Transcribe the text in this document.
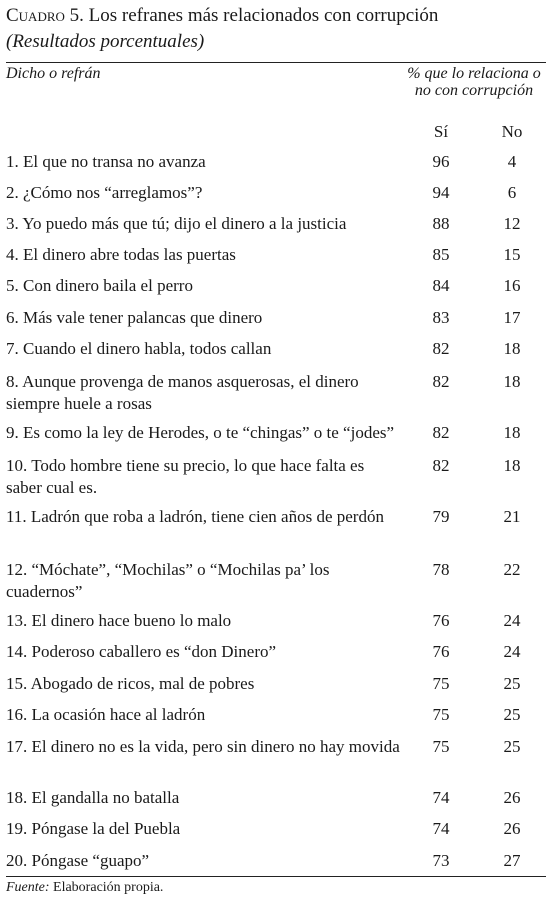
Cuadro 5. Los refranes más relacionados con corrupción
(Resultados porcentuales)
Dicho o refrán	% que lo relaciona o
no con corrupción
Sí	No
1. El que no transa no avanza	96	4
2. ¿Cómo nos “arreglamos”?	94	6
3. Yo puedo más que tú; dijo el dinero a la justicia	88	12
4. El dinero abre todas las puertas	85	15
5. Con dinero baila el perro	84	16
6. Más vale tener palancas que dinero	83	17
7. Cuando el dinero habla, todos callan	82	18
8. Aunque provenga de manos asquerosas, el dinero siempre huele a rosas
82	18
9. Es como la ley de Herodes, o te “chingas” o te “jodes”	82	18
10. Todo hombre tiene su precio, lo que hace falta es saber cual es.
82	18
11. Ladrón que roba a ladrón, tiene cien años de perdón	79	21
12. “Móchate”, “Mochilas” o “Mochilas pa’ los cuadernos”
78	22
13. El dinero hace bueno lo malo	76	24
14. Poderoso caballero es “don Dinero”	76	24
15. Abogado de ricos, mal de pobres	75	25
16. La ocasión hace al ladrón	75	25
17. El dinero no es la vida, pero sin dinero no hay movida	75	25
18. El gandalla no batalla	74	26
19. Póngase la del Puebla	74	26
20. Póngase “guapo”	73	27
Fuente: Elaboración propia.
